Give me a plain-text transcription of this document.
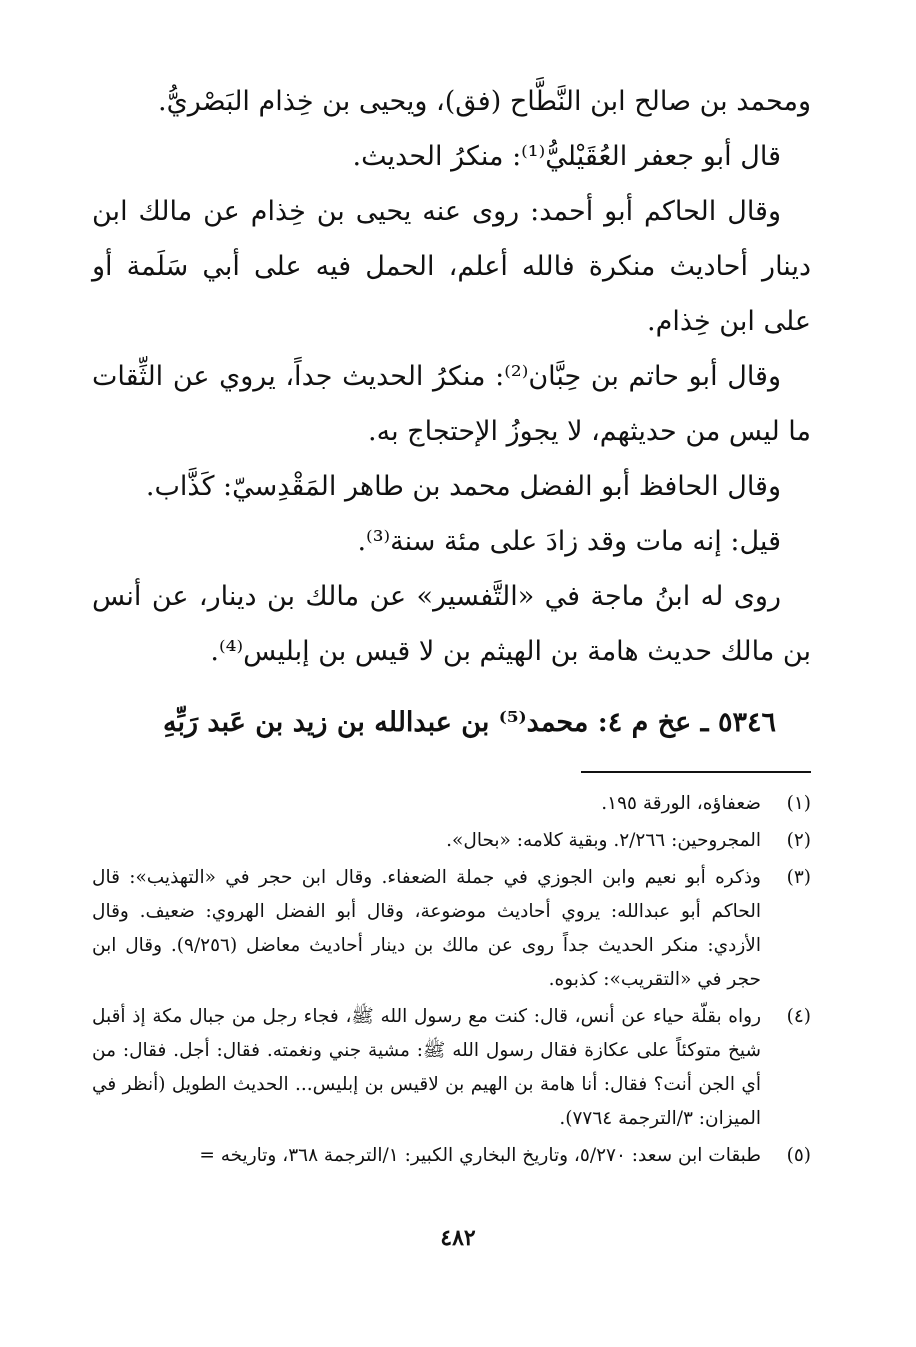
ومحمد بن صالح ابن النَّطَّاح (فق)، ويحيى بن خِذام البَصْريُّ.

قال أبو جعفر العُقَيْليُّ⁽¹⁾: منكرُ الحديث.

وقال الحاكم أبو أحمد: روى عنه يحيى بن خِذام عن مالك ابن دينار أحاديث منكرة فالله أعلم، الحمل فيه على أبي سَلَمة أو على ابن خِذام.

وقال أبو حاتم بن حِبَّان⁽²⁾: منكرُ الحديث جداً، يروي عن الثِّقات ما ليس من حديثهم، لا يجوزُ الإحتجاج به.

وقال الحافظ أبو الفضل محمد بن طاهر المَقْدِسيّ: كَذَّاب.

قيل: إنه مات وقد زادَ على مئة سنة⁽³⁾.

روى له ابنُ ماجة في «التَّفسير» عن مالك بن دينار، عن أنس بن مالك حديث هامة بن الهيثم بن لا قيس بن إبليس⁽⁴⁾.

٥٣٤٦ ـ عخ م ٤: محمد⁽⁵⁾ بن عبدالله بن زيد بن عَبد رَبِّهِ
(١)
ضعفاؤه، الورقة ١٩٥.
(٢)
المجروحين: ٢/٢٦٦. وبقية كلامه: «بحال».
(٣)
وذكره أبو نعيم وابن الجوزي في جملة الضعفاء. وقال ابن حجر في «التهذيب»: قال الحاكم أبو عبدالله: يروي أحاديث موضوعة، وقال أبو الفضل الهروي: ضعيف. وقال الأزدي: منكر الحديث جداً روى عن مالك بن دينار أحاديث معاضل (٩/٢٥٦). وقال ابن حجر في «التقريب»: كذبوه.
(٤)
رواه بقلّة حياء عن أنس، قال: كنت مع رسول الله ﷺ، فجاء رجل من جبال مكة إذ أقبل شيخ متوكئاً على عكازة فقال رسول الله ﷺ: مشية جني ونغمته. فقال: أجل. فقال: من أي الجن أنت؟ فقال: أنا هامة بن الهيم بن لاقيس بن إبليس... الحديث الطويل (أنظر في الميزان: ٣/الترجمة ٧٧٦٤).
(٥)
طبقات ابن سعد: ٥/٢٧٠، وتاريخ البخاري الكبير: ١/الترجمة ٣٦٨، وتاريخه =
٤٨٢
